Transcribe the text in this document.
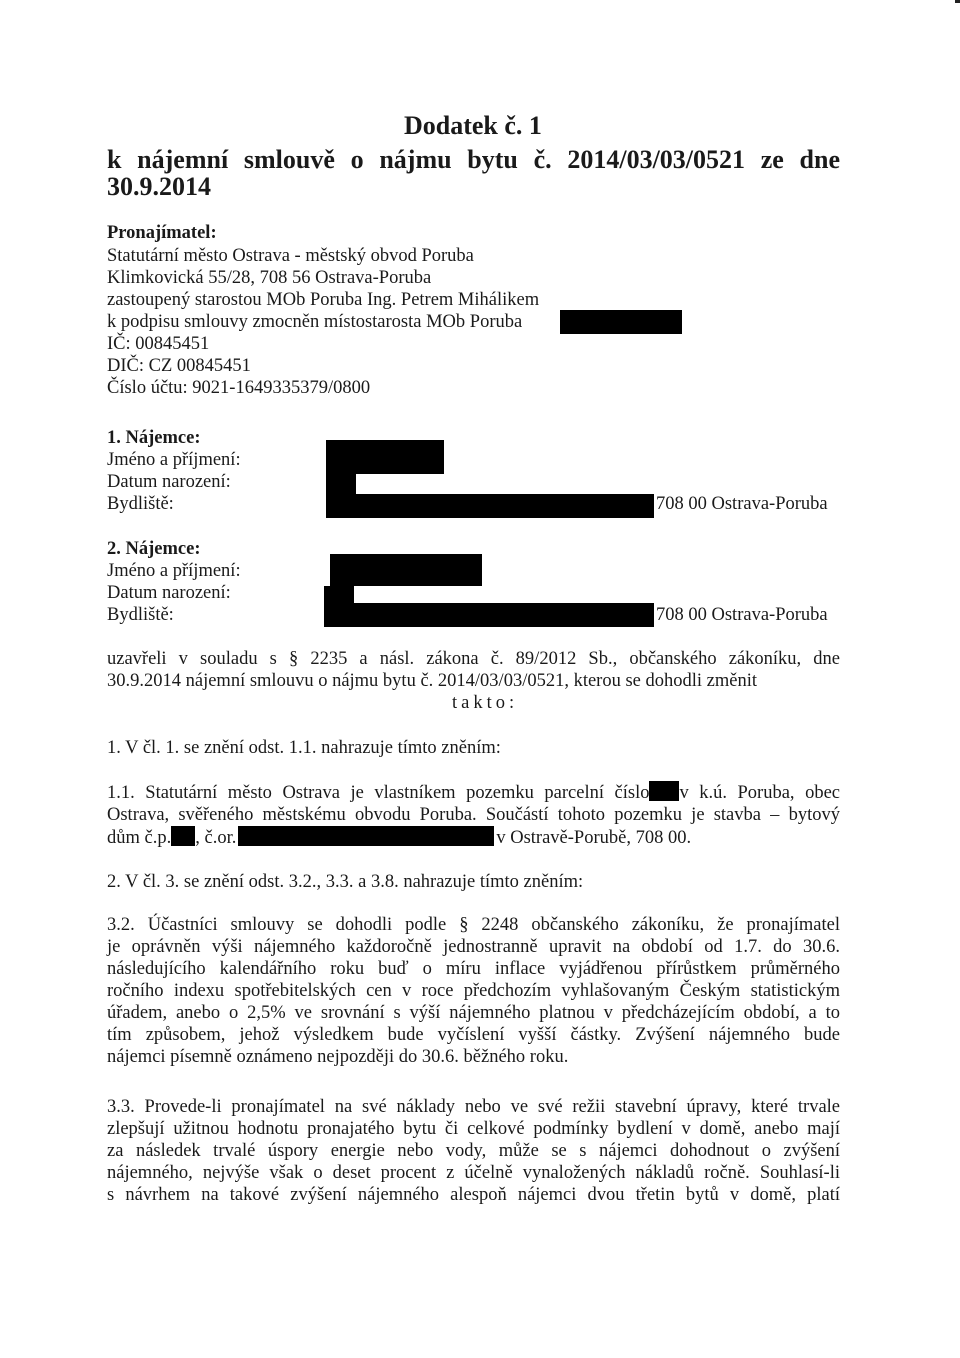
Dodatek č. 1
k nájemní smlouvě o nájmu bytu č. 2014/03/03/0521 ze dne
30.9.2014
Pronajímatel:
Statutární město Ostrava - městský obvod Poruba
Klimkovická 55/28, 708 56 Ostrava-Poruba
zastoupený starostou MOb Poruba Ing. Petrem Mihálikem
k podpisu smlouvy zmocněn místostarosta MOb Poruba
IČ: 00845451
DIČ: CZ 00845451
Číslo účtu: 9021-1649335379/0800
1. Nájemce:
Jméno a příjmení:
Datum narození:
Bydliště:	708 00 Ostrava-Poruba
2. Nájemce:
Jméno a příjmení:
Datum narození:
Bydliště:	708 00 Ostrava-Poruba
uzavřeli v souladu s § 2235 a násl. zákona č. 89/2012 Sb., občanského zákoníku, dne
30.9.2014 nájemní smlouvu o nájmu bytu č. 2014/03/03/0521, kterou se dohodli změnit
takto:
1. V čl. 1. se znění odst. 1.1. nahrazuje tímto zněním:
1.1. Statutární město Ostrava je vlastníkem pozemku parcelní číslo v k.ú. Poruba, obec
Ostrava, svěřeného městskému obvodu Poruba. Součástí tohoto pozemku je stavba – bytový
dům č.p. , č.or.	v Ostravě-Porubě, 708 00.
2. V čl. 3. se znění odst. 3.2., 3.3. a 3.8. nahrazuje tímto zněním:
3.2. Účastníci smlouvy se dohodli podle § 2248 občanského zákoníku, že pronajímatel
je oprávněn výši nájemného každoročně jednostranně upravit na období od 1.7. do 30.6.
následujícího kalendářního roku buď o míru inflace vyjádřenou přírůstkem průměrného
ročního indexu spotřebitelských cen v roce předchozím vyhlašovaným Českým statistickým
úřadem, anebo o 2,5% ve srovnání s výší nájemného platnou v předcházejícím období, a to
tím způsobem, jehož výsledkem bude vyčíslení vyšší částky. Zvýšení nájemného bude
nájemci písemně oznámeno nejpozději do 30.6. běžného roku.
3.3. Provede-li pronajímatel na své náklady nebo ve své režii stavební úpravy, které trvale
zlepšují užitnou hodnotu pronajatého bytu či celkové podmínky bydlení v domě, anebo mají
za následek trvalé úspory energie nebo vody, může se s nájemci dohodnout o zvýšení
nájemného, nejvýše však o deset procent z účelně vynaložených nákladů ročně. Souhlasí-li
s návrhem na takové zvýšení nájemného alespoň nájemci dvou třetin bytů v domě, platí
